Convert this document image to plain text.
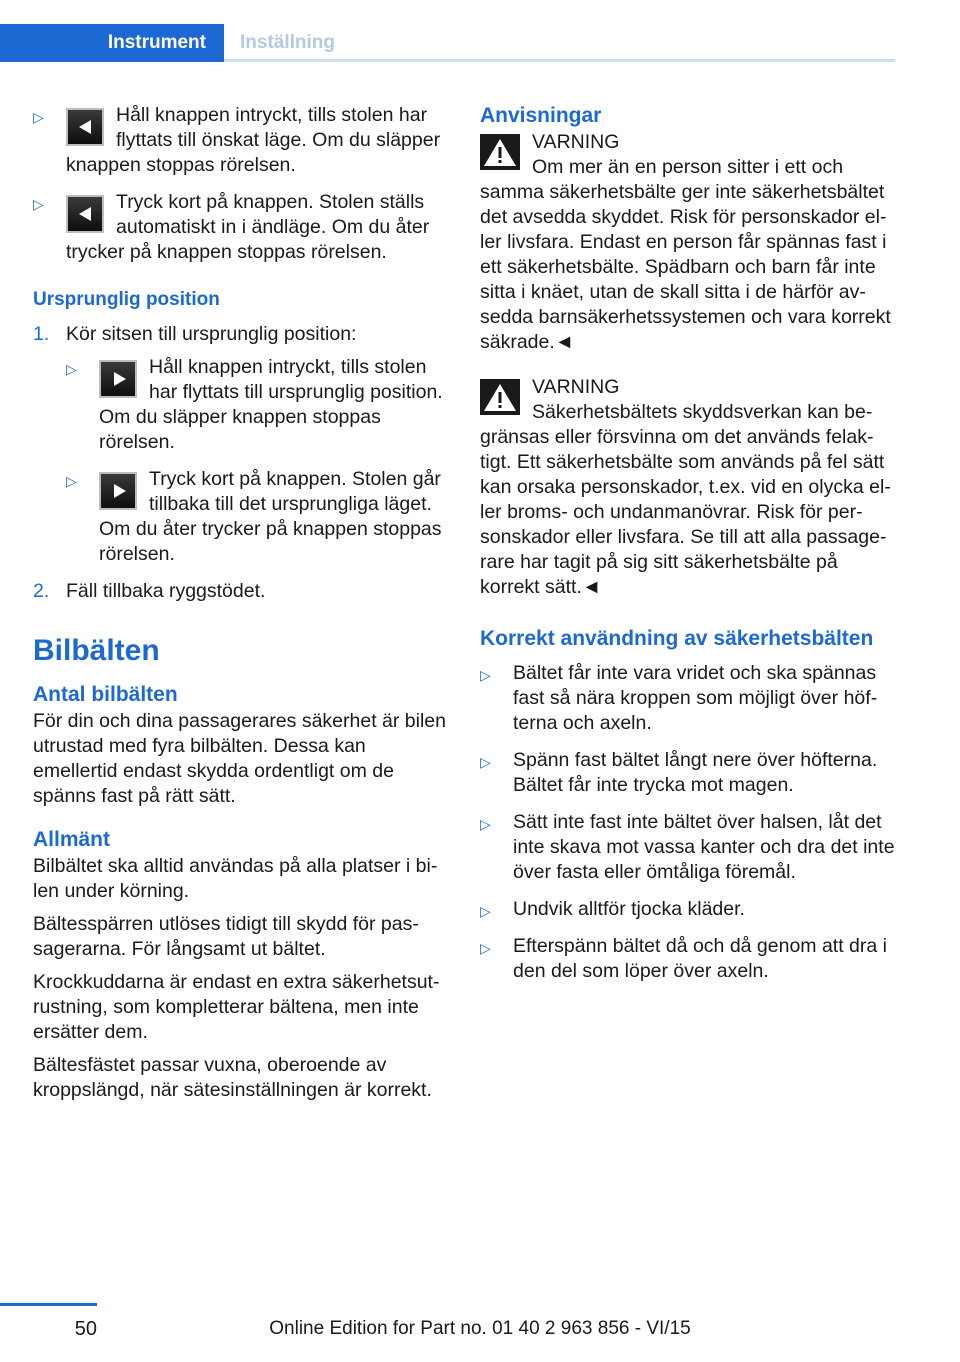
Instrument	Inställning
▷	Håll knappen intryckt, tills stolen har flyttats till önskat läge. Om du släpper knappen stoppas rörelsen.
▷	Tryck kort på knappen. Stolen ställs automatiskt in i ändläge. Om du åter trycker på knappen stoppas rörelsen.
Ursprunglig position
1. Kör sitsen till ursprunglig position:
▷	Håll knappen intryckt, tills stolen har flyttats till ursprunglig position. Om du släpper knappen stoppas rörelsen.
▷	Tryck kort på knappen. Stolen går tillbaka till det ursprungliga läget. Om du åter trycker på knappen stoppas rörelsen.
2. Fäll tillbaka ryggstödet.
Bilbälten
Antal bilbälten

För din och dina passagerares säkerhet är bilen utrustad med fyra bilbälten. Dessa kan emellertid endast skydda ordentligt om de spänns fast på rätt sätt.

Allmänt

Bilbältet ska alltid användas på alla platser i bilen under körning.

Bältesspärren utlöses tidigt till skydd för passagerarna. För långsamt ut bältet.

Krockkuddarna är endast en extra säkerhetsutrustning, som kompletterar bältena, men inte ersätter dem.

Bältesfästet passar vuxna, oberoende av kroppslängd, när sätesinställningen är korrekt.

Anvisningar
VARNING
Om mer än en person sitter i ett och samma säkerhetsbälte ger inte säkerhetsbältet det avsedda skyddet. Risk för personskador eller livsfara. Endast en person får spännas fast i ett säkerhetsbälte. Spädbarn och barn får inte sitta i knäet, utan de skall sitta i de härför avsedda barnsäkerhetssystemen och vara korrekt säkrade.◄
VARNING
Säkerhetsbältets skyddsverkan kan begränsas eller försvinna om det används felaktigt. Ett säkerhetsbälte som används på fel sätt kan orsaka personskador, t.ex. vid en olycka eller broms- och undanmanövrar. Risk för personskador eller livsfara. Se till att alla passagerare har tagit på sig sitt säkerhetsbälte på korrekt sätt.◄
Korrekt användning av säkerhetsbälten
▷ Bältet får inte vara vridet och ska spännas fast så nära kroppen som möjligt över höfterna och axeln.
▷ Spänn fast bältet långt nere över höfterna. Bältet får inte trycka mot magen.
▷ Sätt inte fast inte bältet över halsen, låt det inte skava mot vassa kanter och dra det inte över fasta eller ömtåliga föremål.
▷ Undvik alltför tjocka kläder.
▷ Efterspänn bältet då och då genom att dra i den del som löper över axeln.
50	Online Edition for Part no. 01 40 2 963 856 - VI/15
